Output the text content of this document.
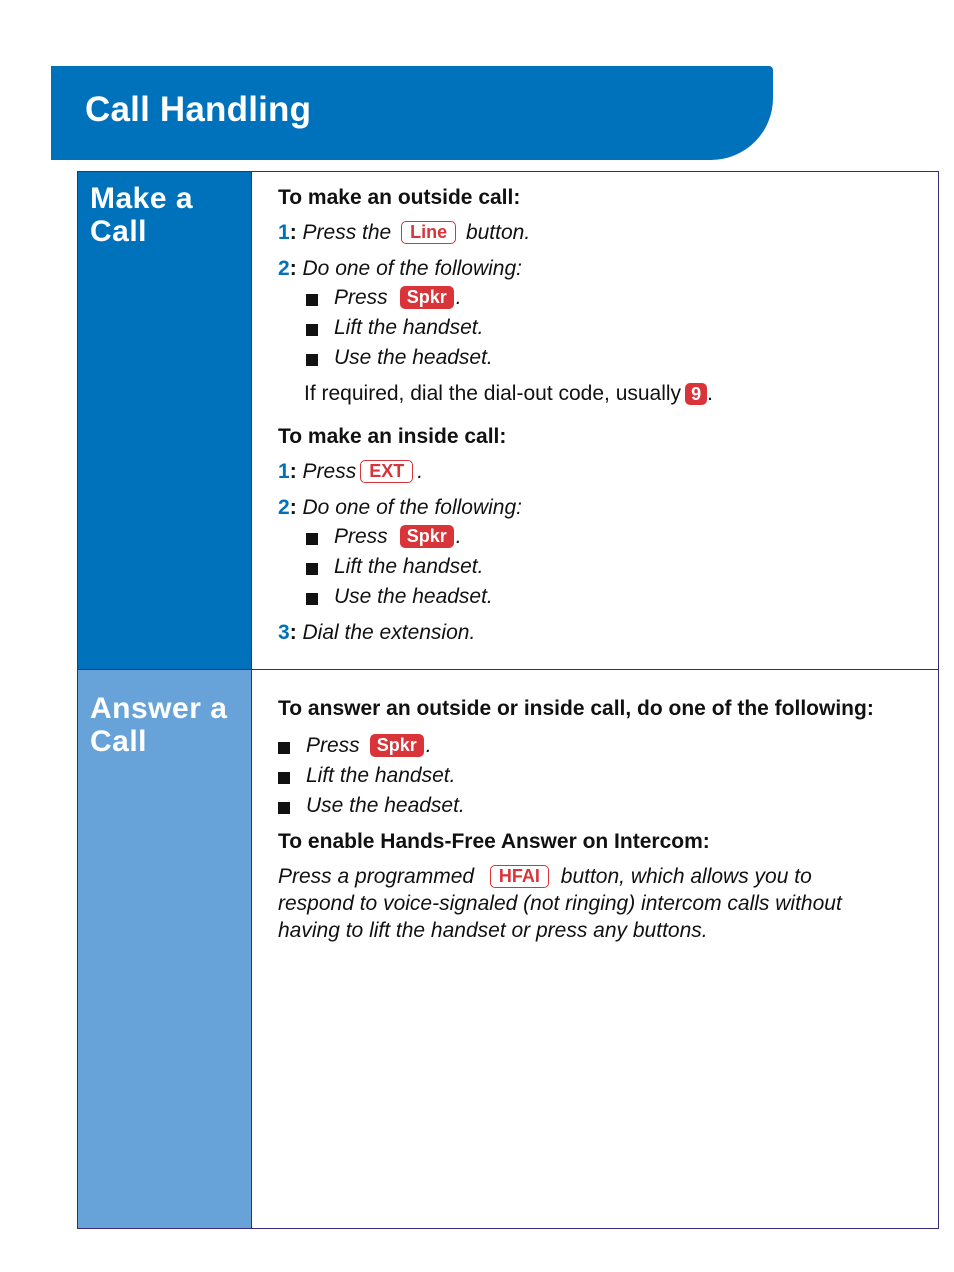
Call Handling
Make a
Call

To make an outside call:

1: Press the Line button.

2: Do one of the following:

Press Spkr .

Lift the handset.

Use the headset.

If required, dial the dial-out code, usually 9 .

To make an inside call:

1: Press EXT .

2: Do one of the following:

Press Spkr .

Lift the handset.

Use the headset.

3: Dial the extension.

Answer a
Call

To answer an outside or inside call, do one of the following:

Press Spkr .

Lift the handset.

Use the headset.

To enable Hands-Free Answer on Intercom:

Press a programmed HFAI button, which allows you to
respond to voice-signaled (not ringing) intercom calls without
having to lift the handset or press any buttons.
